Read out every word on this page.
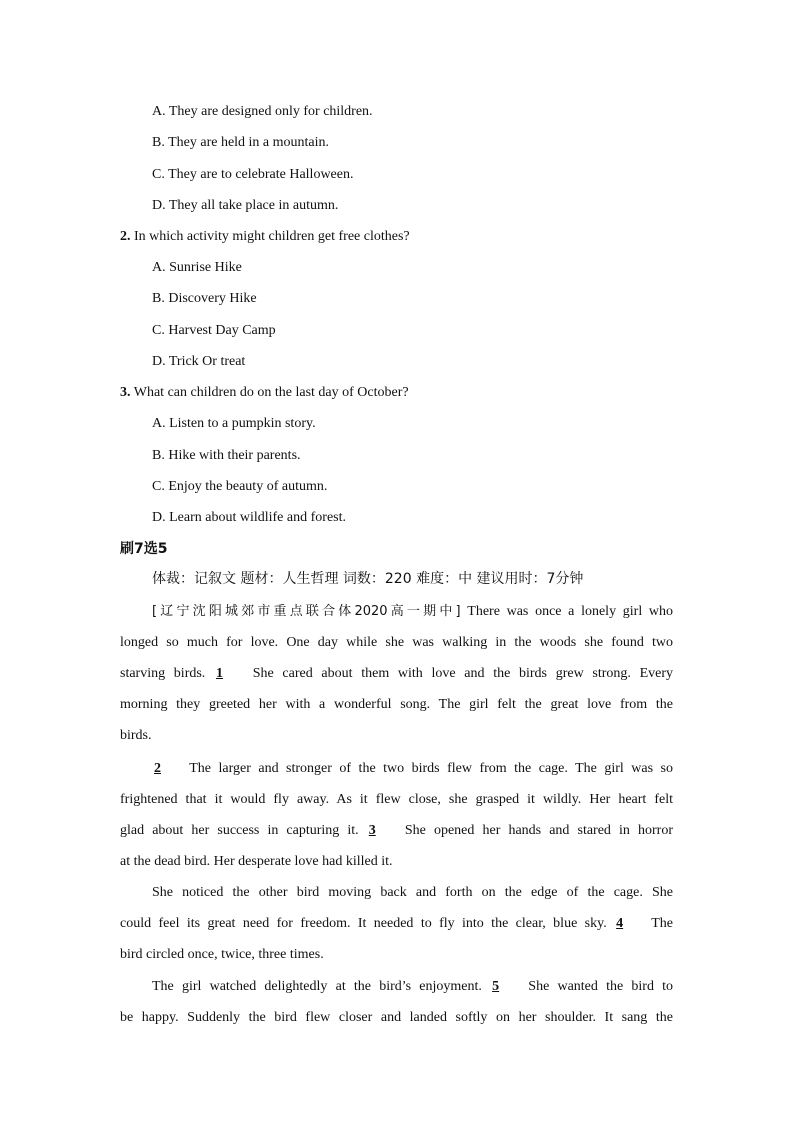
A. They are designed only for children.
B. They are held in a mountain.
C. They are to celebrate Halloween.
D. They all take place in autumn.
2. In which activity might children get free clothes?
A. Sunrise Hike
B. Discovery Hike
C. Harvest Day Camp
D. Trick Or treat
3. What can children do on the last day of October?
A. Listen to a pumpkin story.
B. Hike with their parents.
C. Enjoy the beauty of autumn.
D. Learn about wildlife and forest.
刷7选5
体裁：记叙文 题材：人生哲理 词数：220 难度：中 建议用时：7分钟
[辽宁沈阳城郊市重点联合体2020高一期中] There was once a lonely girl who
longed so much for love. One day while she was walking in the woods she found two
starving birds. 1 She cared about them with love and the birds grew strong. Every
morning they greeted her with a wonderful song. The girl felt the great love from the
birds.
2 The larger and stronger of the two birds flew from the cage. The girl was so
frightened that it would fly away. As it flew close, she grasped it wildly. Her heart felt
glad about her success in capturing it. 3 She opened her hands and stared in horror
at the dead bird. Her desperate love had killed it.
She noticed the other bird moving back and forth on the edge of the cage. She
could feel its great need for freedom. It needed to fly into the clear, blue sky. 4 The
bird circled once, twice, three times.
The girl watched delightedly at the bird’s enjoyment. 5 She wanted the bird to
be happy. Suddenly the bird flew closer and landed softly on her shoulder. It sang the
